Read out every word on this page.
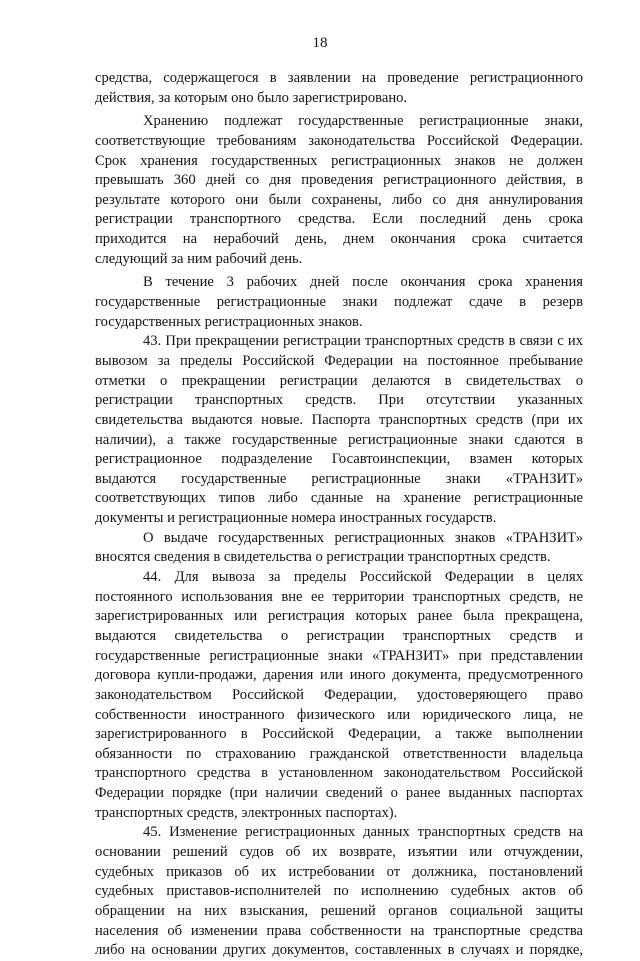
18
средства, содержащегося в заявлении на проведение регистрационного
действия, за которым оно было зарегистрировано.
Хранению подлежат государственные регистрационные знаки,
соответствующие требованиям законодательства Российской Федерации.
Срок хранения государственных регистрационных знаков не должен
превышать 360 дней со дня проведения регистрационного действия, в
результате которого они были сохранены, либо со дня аннулирования
регистрации транспортного средства. Если последний день срока
приходится на нерабочий день, днем окончания срока считается
следующий за ним рабочий день.
В течение 3 рабочих дней после окончания срока хранения
государственные регистрационные знаки подлежат сдаче в резерв
государственных регистрационных знаков.
43. При прекращении регистрации транспортных средств в связи с их
вывозом за пределы Российской Федерации на постоянное пребывание
отметки о прекращении регистрации делаются в свидетельствах о
регистрации транспортных средств. При отсутствии указанных
свидетельства выдаются новые. Паспорта транспортных средств (при их
наличии), а также государственные регистрационные знаки сдаются в
регистрационное подразделение Госавтоинспекции, взамен которых
выдаются государственные регистрационные знаки «ТРАНЗИТ»
соответствующих типов либо сданные на хранение регистрационные
документы и регистрационные номера иностранных государств.
О выдаче государственных регистрационных знаков «ТРАНЗИТ»
вносятся сведения в свидетельства о регистрации транспортных средств.
44. Для вывоза за пределы Российской Федерации в целях
постоянного использования вне ее территории транспортных средств, не
зарегистрированных или регистрация которых ранее была прекращена,
выдаются свидетельства о регистрации транспортных средств и
государственные регистрационные знаки «ТРАНЗИТ» при представлении
договора купли-продажи, дарения или иного документа, предусмотренного
законодательством Российской Федерации, удостоверяющего право
собственности иностранного физического или юридического лица, не
зарегистрированного в Российской Федерации, а также выполнении
обязанности по страхованию гражданской ответственности владельца
транспортного средства в установленном законодательством Российской
Федерации порядке (при наличии сведений о ранее выданных паспортах
транспортных средств, электронных паспортах).
45. Изменение регистрационных данных транспортных средств на
основании решений судов об их возврате, изъятии или отчуждении,
судебных приказов об их истребовании от должника, постановлений
судебных приставов-исполнителей по исполнению судебных актов об
обращении на них взыскания, решений органов социальной защиты
населения об изменении права собственности на транспортные средства
либо на основании других документов, составленных в случаях и порядке,
